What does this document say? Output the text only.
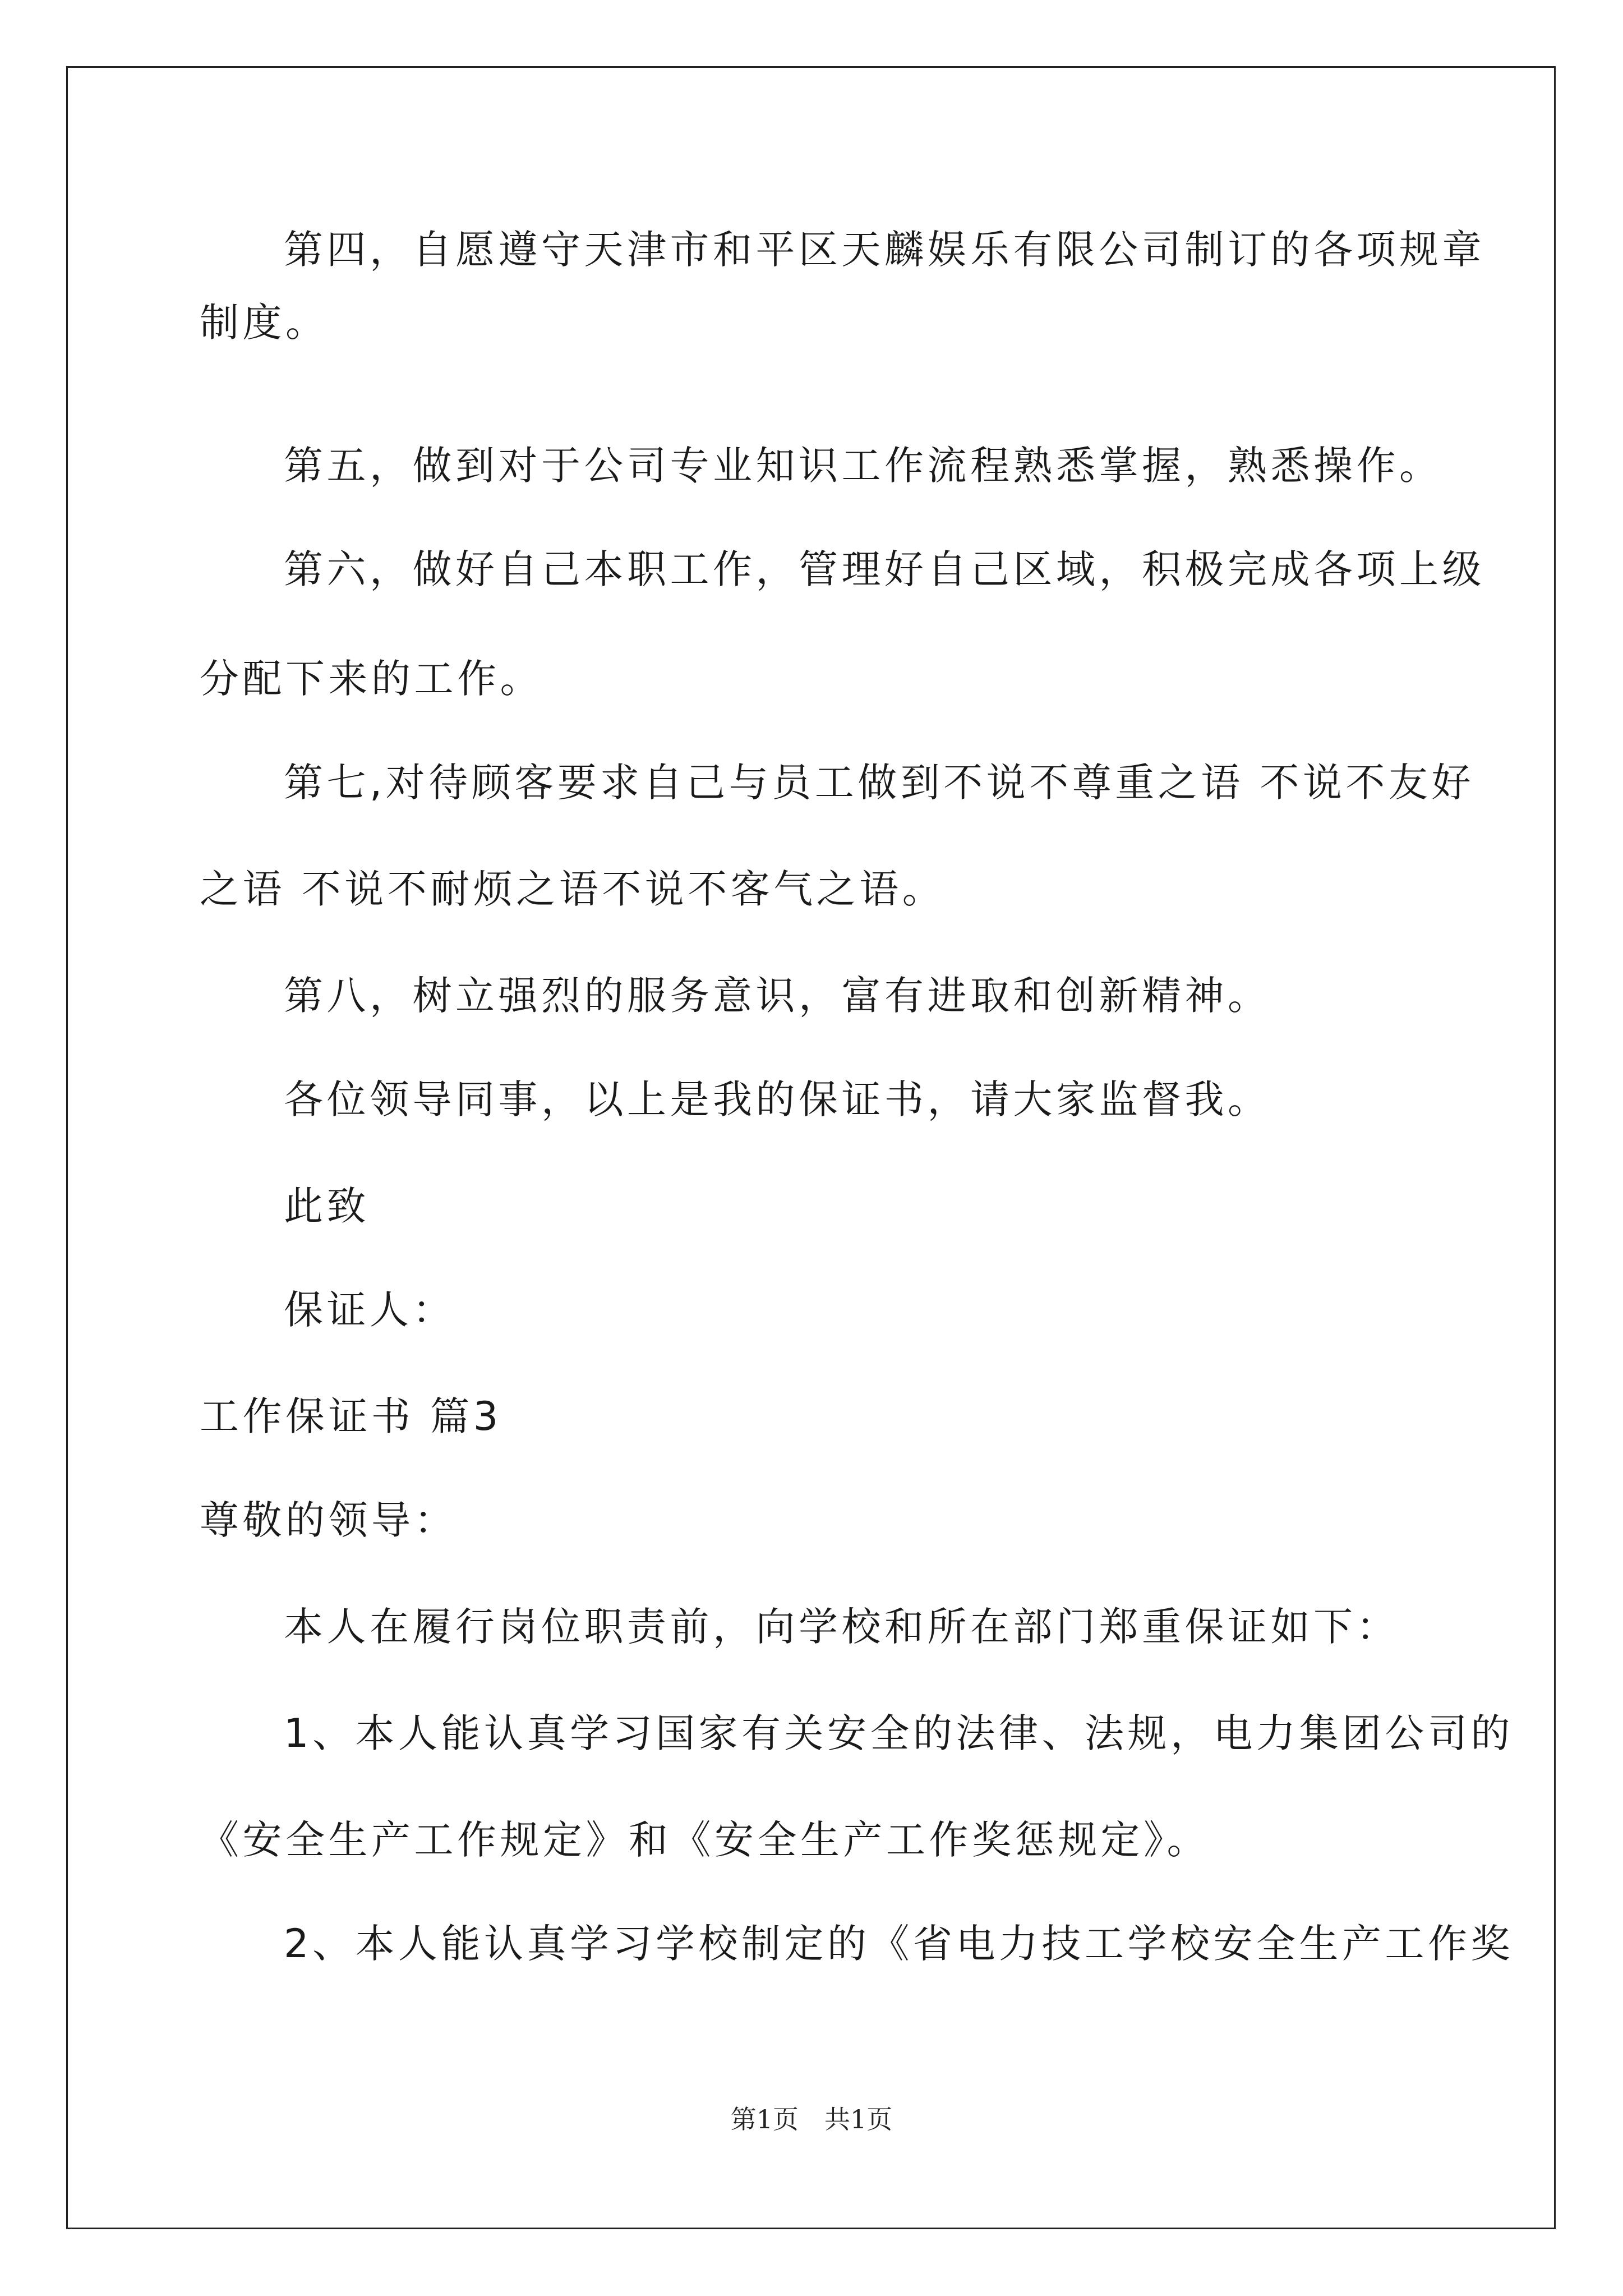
第四，自愿遵守天津市和平区天麟娱乐有限公司制订的各项规章
制度。
第五，做到对于公司专业知识工作流程熟悉掌握，熟悉操作。
第六，做好自己本职工作，管理好自己区域，积极完成各项上级
分配下来的工作。
第七,对待顾客要求自己与员工做到不说不尊重之语 不说不友好
之语 不说不耐烦之语不说不客气之语。
第八，树立强烈的服务意识，富有进取和创新精神。
各位领导同事，以上是我的保证书，请大家监督我。
此致
保证人：
工作保证书 篇3
尊敬的领导：
本人在履行岗位职责前，向学校和所在部门郑重保证如下：
1、本人能认真学习国家有关安全的法律、法规，电力集团公司的
《安全生产工作规定》和《安全生产工作奖惩规定》。
2、本人能认真学习学校制定的《省电力技工学校安全生产工作奖
第1页　共1页
